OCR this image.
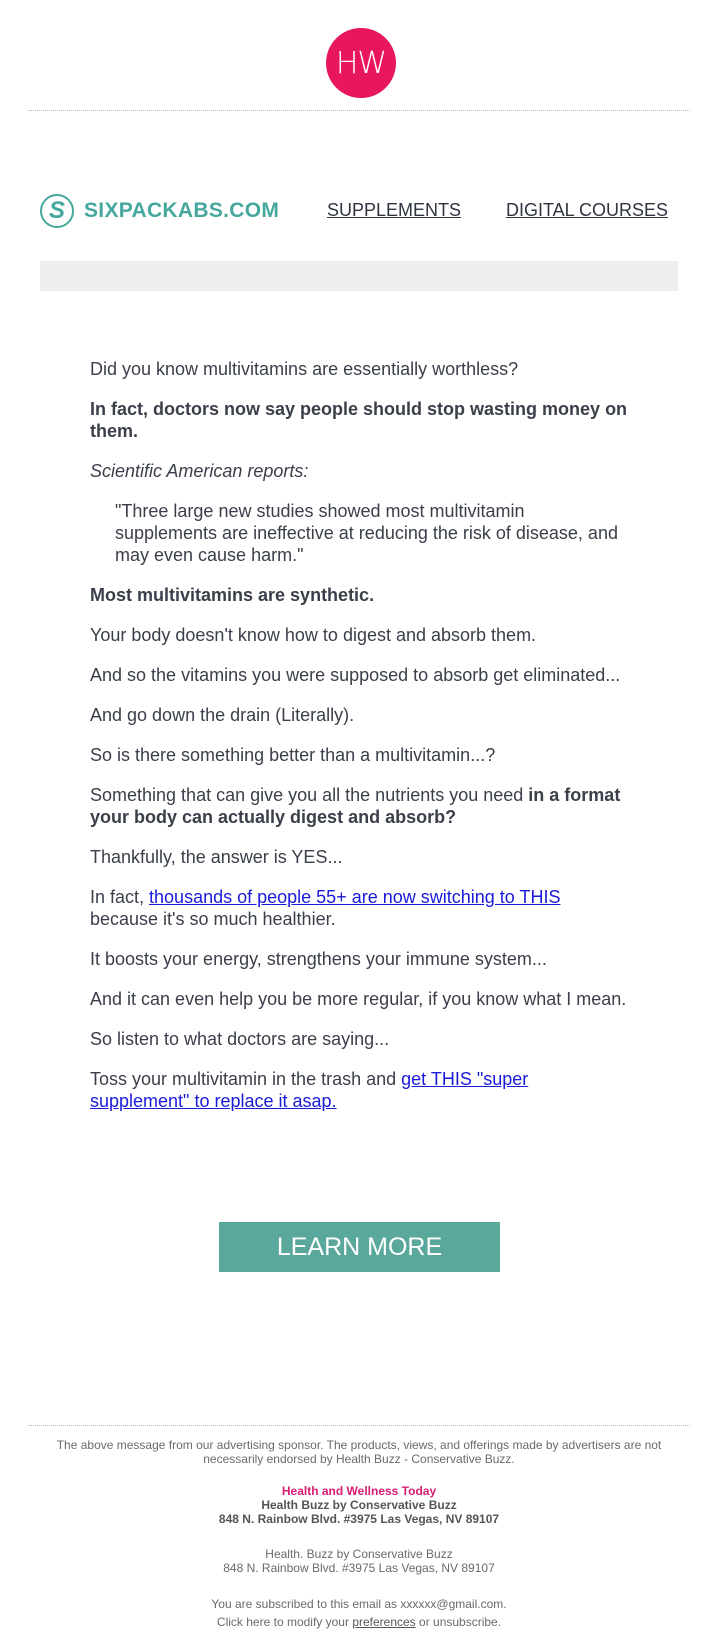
HW
S SIXPACKABS.COM	SUPPLEMENTS DIGITAL COURSES

Did you know multivitamins are essentially worthless?

In fact, doctors now say people should stop wasting money on them.

Scientific American reports:

"Three large new studies showed most multivitamin supplements are ineffective at reducing the risk of disease, and may even cause harm."

Most multivitamins are synthetic.

Your body doesn't know how to digest and absorb them.

And so the vitamins you were supposed to absorb get eliminated...

And go down the drain (Literally).

So is there something better than a multivitamin...?

Something that can give you all the nutrients you need in a format your body can actually digest and absorb?

Thankfully, the answer is YES...

In fact, thousands of people 55+ are now switching to THIS because it's so much healthier.

It boosts your energy, strengthens your immune system...

And it can even help you be more regular, if you know what I mean.

So listen to what doctors are saying...

Toss your multivitamin in the trash and get THIS "super supplement" to replace it asap.

LEARN MORE
The above message from our advertising sponsor. The products, views, and offerings made by advertisers are not necessarily endorsed by Health Buzz - Conservative Buzz.
Health and Wellness Today
Health Buzz by Conservative Buzz
848 N. Rainbow Blvd. #3975 Las Vegas, NV 89107
Health. Buzz by Conservative Buzz
848 N. Rainbow Blvd. #3975 Las Vegas, NV 89107
You are subscribed to this email as xxxxxx@gmail.com.
Click here to modify your preferences or unsubscribe.
